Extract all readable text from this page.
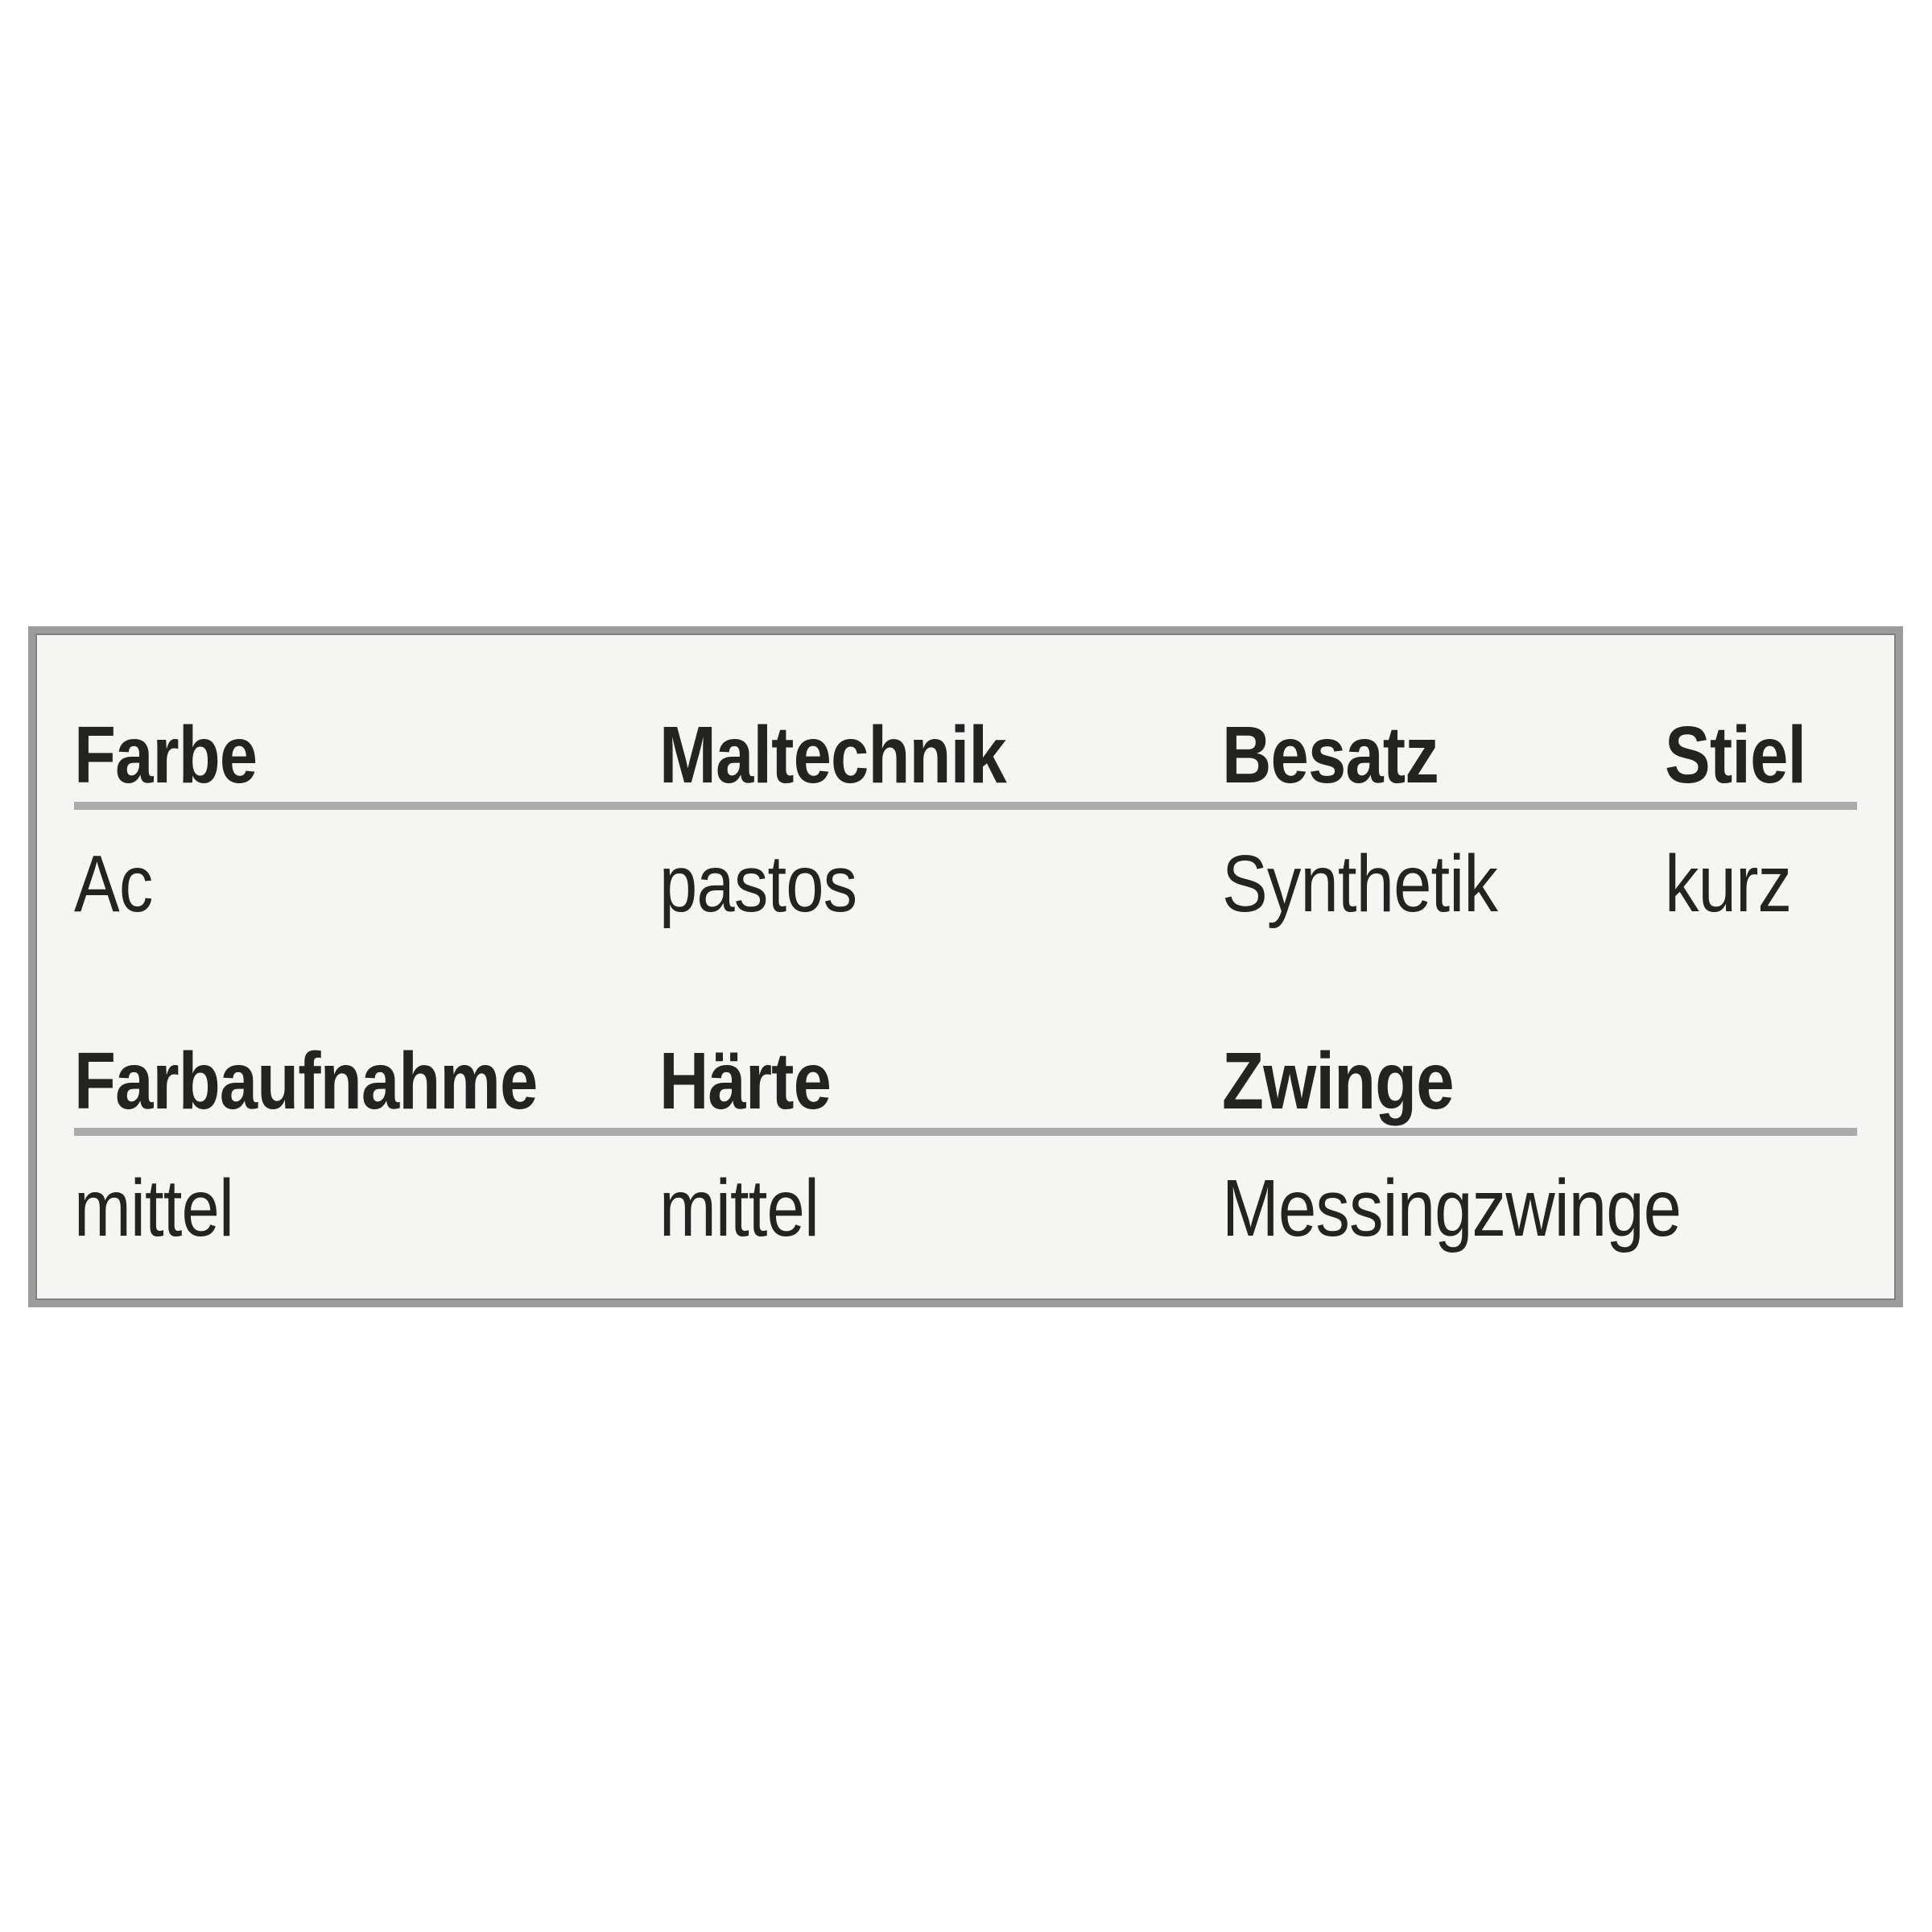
Farbe	Maltechnik	Besatz	Stiel
Ac	pastos	Synthetik	kurz
Farbaufnahme	Härte	Zwinge
mittel	mittel	Messingzwinge
